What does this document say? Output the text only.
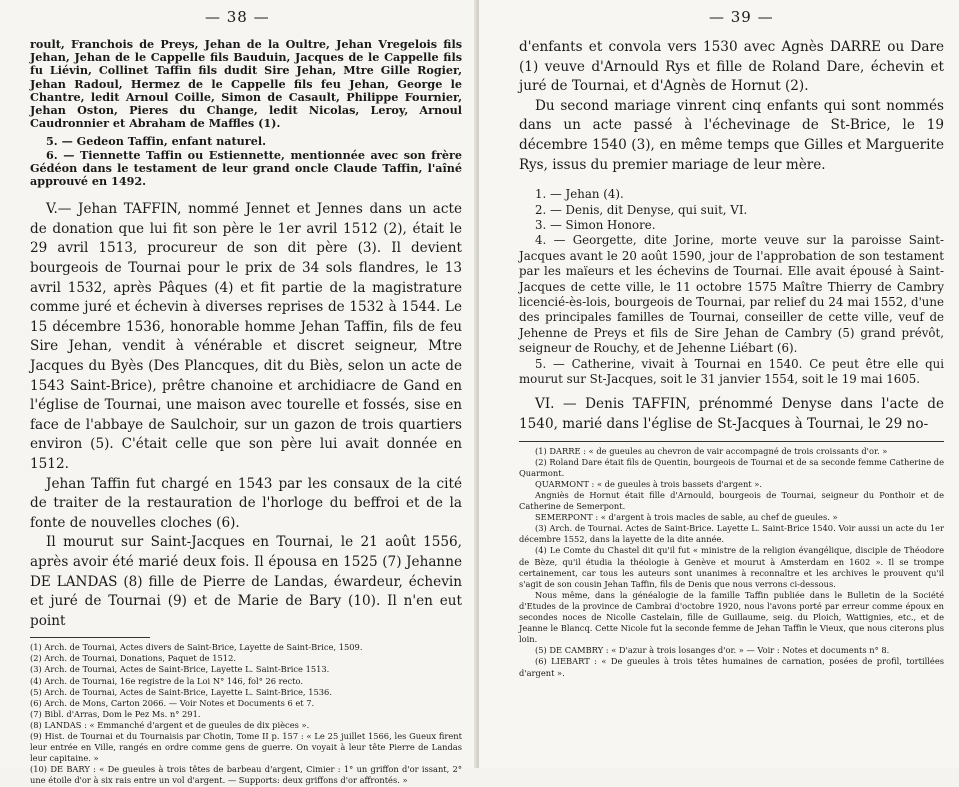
— 38 —

roult, Franchois de Preys, Jehan de la Oultre, Jehan Vregelois fils Jehan, Jehan de le Cappelle fils Bauduin, Jacques de le Cappelle fils fu Liévin, Collinet Taffin fils dudit Sire Jehan, Mtre Gille Rogier, Jehan Radoul, Hermez de le Cappelle fils feu Jehan, George le Chantre, ledit Arnoul Coille, Simon de Casault, Philippe Fournier, Jehan Oston, Pieres du Change, ledit Nicolas, Leroy, Arnoul Caudronnier et Abraham de Maffles (1).

5. — Gedeon Taffin, enfant naturel.

6. — Tiennette Taffin ou Estiennette, mentionnée avec son frère Gédéon dans le testament de leur grand oncle Claude Taffin, l'aîné approuvé en 1492.

V.— Jehan TAFFIN, nommé Jennet et Jennes dans un acte de donation que lui fit son père le 1er avril 1512 (2), était le 29 avril 1513, procureur de son dit père (3). Il devient bourgeois de Tournai pour le prix de 34 sols flandres, le 13 avril 1532, après Pâques (4) et fit partie de la magistrature comme juré et échevin à diverses reprises de 1532 à 1544. Le 15 décembre 1536, honorable homme Jehan Taffin, fils de feu Sire Jehan, vendit à vénérable et discret seigneur, Mtre Jacques du Byès (Des Plancques, dit du Biès, selon un acte de 1543 Saint-Brice), prêtre chanoine et archidiacre de Gand en l'église de Tournai, une maison avec tourelle et fossés, sise en face de l'abbaye de Saulchoir, sur un gazon de trois quartiers environ (5). C'était celle que son père lui avait donnée en 1512.

Jehan Taffin fut chargé en 1543 par les consaux de la cité de traiter de la restauration de l'horloge du beffroi et de la fonte de nouvelles cloches (6).

Il mourut sur Saint-Jacques en Tournai, le 21 août 1556, après avoir été marié deux fois. Il épousa en 1525 (7) Jehanne DE LANDAS (8) fille de Pierre de Landas, éwardeur, échevin et juré de Tournai (9) et de Marie de Bary (10). Il n'en eut point

(1) Arch. de Tournai, Actes divers de Saint-Brice, Layette de Saint-Brice, 1509.

(2) Arch. de Tournai, Donations, Paquet de 1512.

(3) Arch. de Tournai, Actes de Saint-Brice, Layette L. Saint-Brice 1513.

(4) Arch. de Tournai, 16e registre de la Loi N° 146, fol° 26 recto.

(5) Arch. de Tournai, Actes de Saint-Brice, Layette L. Saint-Brice, 1536.

(6) Arch. de Mons, Carton 2066. — Voir Notes et Documents 6 et 7.

(7) Bibl. d'Arras, Dom le Pez Ms. n° 291.

(8) LANDAS : « Emmanché d'argent et de gueules de dix pièces ».

(9) Hist. de Tournai et du Tournaisis par Chotin, Tome II p. 157 : « Le 25 juillet 1566, les Gueux firent leur entrée en Ville, rangés en ordre comme gens de guerre. On voyait à leur tête Pierre de Landas leur capitaine. »

(10) DE BARY : « De gueules à trois têtes de barbeau d'argent, Cimier : 1° un griffon d'or issant, 2° une étoile d'or à six rais entre un vol d'argent. — Supports: deux griffons d'or affrontés. »

— 39 —

d'enfants et convola vers 1530 avec Agnès DARRE ou Dare (1) veuve d'Arnould Rys et fille de Roland Dare, échevin et juré de Tournai, et d'Agnès de Hornut (2).

Du second mariage vinrent cinq enfants qui sont nommés dans un acte passé à l'échevinage de St-Brice, le 19 décembre 1540 (3), en même temps que Gilles et Marguerite Rys, issus du premier mariage de leur mère.

1. — Jehan (4).

2. — Denis, dit Denyse, qui suit, VI.

3. — Simon Honore.

4. — Georgette, dite Jorine, morte veuve sur la paroisse Saint-Jacques avant le 20 août 1590, jour de l'approbation de son testament par les maïeurs et les échevins de Tournai. Elle avait épousé à Saint-Jacques de cette ville, le 11 octobre 1575 Maître Thierry de Cambry licencié-ès-lois, bourgeois de Tournai, par relief du 24 mai 1552, d'une des principales familles de Tournai, conseiller de cette ville, veuf de Jehenne de Preys et fils de Sire Jehan de Cambry (5) grand prévôt, seigneur de Rouchy, et de Jehenne Liébart (6).

5. — Catherine, vivait à Tournai en 1540. Ce peut être elle qui mourut sur St-Jacques, soit le 31 janvier 1554, soit le 19 mai 1605.

VI. — Denis TAFFIN, prénommé Denyse dans l'acte de 1540, marié dans l'église de St-Jacques à Tournai, le 29 no-

(1) DARRE : « de gueules au chevron de vair accompagné de trois croissants d'or. »

(2) Roland Dare était fils de Quentin, bourgeois de Tournai et de sa seconde femme Catherine de Quarmont.

QUARMONT : « de gueules à trois bassets d'argent ».

Angniès de Hornut était fille d'Arnould, bourgeois de Tournai, seigneur du Ponthoir et de Catherine de Semerpont.

SEMERPONT : « d'argent à trois macles de sable, au chef de gueules. »

(3) Arch. de Tournai. Actes de Saint-Brice. Layette L. Saint-Brice 1540. Voir aussi un acte du 1er décembre 1552, dans la layette de la dite année.

(4) Le Comte du Chastel dit qu'il fut « ministre de la religion évangélique, disciple de Théodore de Bèze, qu'il étudia la théologie à Genève et mourut à Amsterdam en 1602 ». Il se trompe certainement, car tous les auteurs sont unanimes à reconnaître et les archives le prouvent qu'il s'agit de son cousin Jehan Taffin, fils de Denis que nous verrons ci-dessous.

Nous même, dans la généalogie de la famille Taffin publiée dans le Bulletin de la Société d'Etudes de la province de Cambrai d'octobre 1920, nous l'avons porté par erreur comme époux en secondes noces de Nicolle Castelain, fille de Guillaume, seig. du Ploich, Wattignies, etc., et de Jeanne le Blancq. Cette Nicole fut la seconde femme de Jehan Taffin le Vieux, que nous citerons plus loin.

(5) DE CAMBRY : « D'azur à trois losanges d'or. » — Voir : Notes et documents n° 8.

(6) LIEBART : « De gueules à trois têtes humaines de carnation, posées de profil, tortillées d'argent ».
